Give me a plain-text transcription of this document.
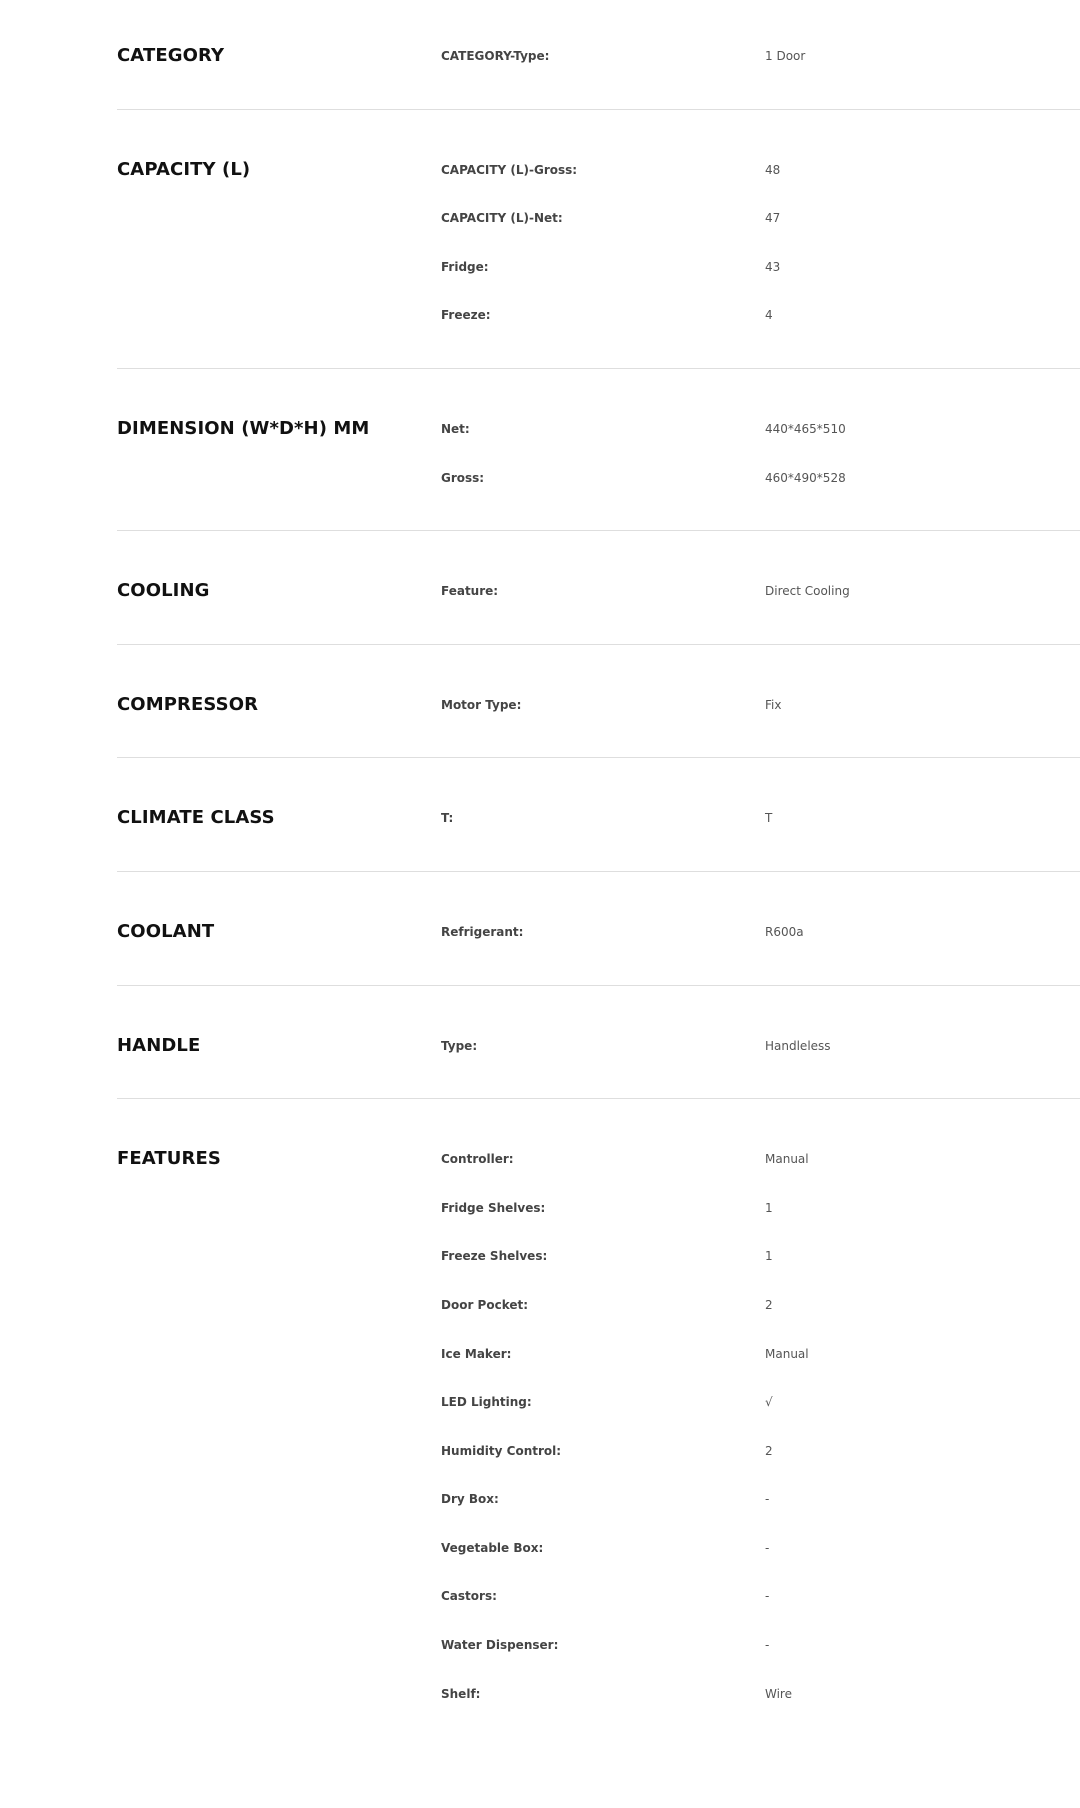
CATEGORY	CATEGORY-Type:	1 Door
CAPACITY (L)	CAPACITY (L)-Gross:	48
CAPACITY (L)-Net:	47
Fridge:	43
Freeze:	4
DIMENSION (W*D*H) MM	Net:	440*465*510
Gross:	460*490*528
COOLING	Feature:	Direct Cooling
COMPRESSOR	Motor Type:	Fix
CLIMATE CLASS	T:	T
COOLANT	Refrigerant:	R600a
HANDLE	Type:	Handleless
FEATURES	Controller:	Manual
Fridge Shelves:	1
Freeze Shelves:	1
Door Pocket:	2
Ice Maker:	Manual
LED Lighting:	√
Humidity Control:	2
Dry Box:	-
Vegetable Box:	-
Castors:	-
Water Dispenser:	-
Shelf:	Wire
